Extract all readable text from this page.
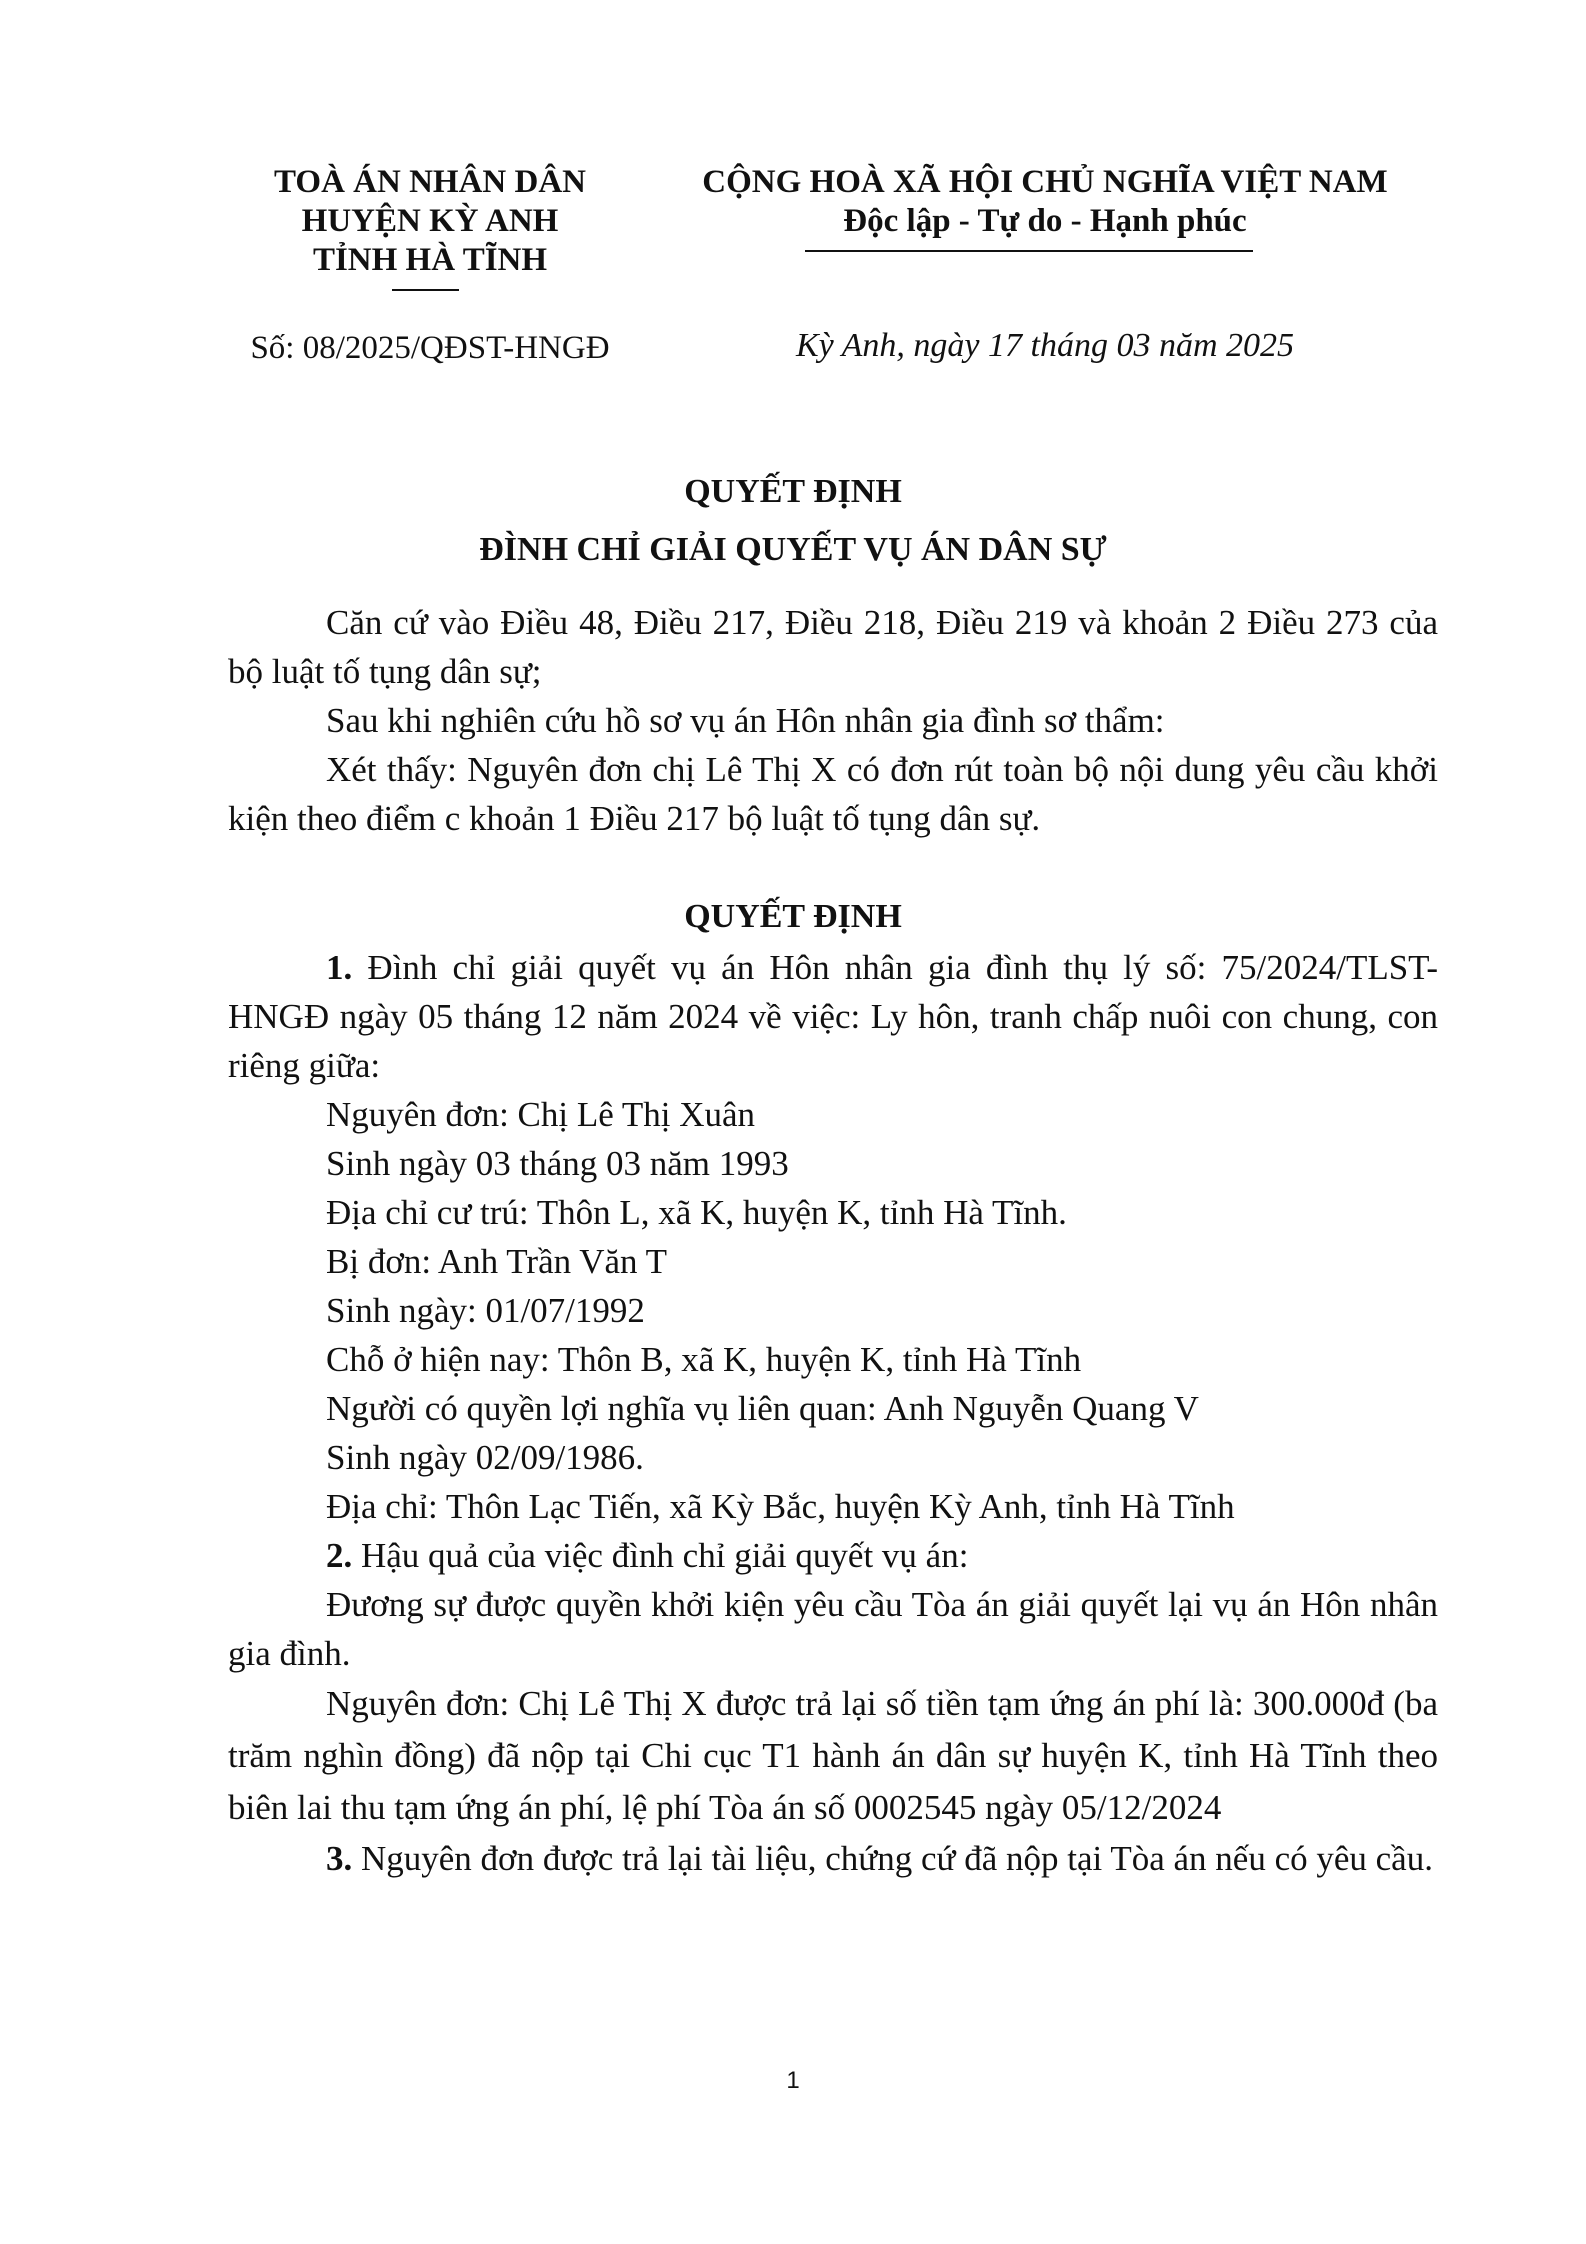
TOÀ ÁN NHÂN DÂN
HUYỆN KỲ ANH
TỈNH HÀ TĨNH
CỘNG HOÀ XÃ HỘI CHỦ NGHĨA VIỆT NAM
Độc lập - Tự do - Hạnh phúc
Số: 08/2025/QĐST-HNGĐ	Kỳ Anh, ngày 17 tháng 03 năm 2025
QUYẾT ĐỊNH
ĐÌNH CHỈ GIẢI QUYẾT VỤ ÁN DÂN SỰ

Căn cứ vào Điều 48, Điều 217, Điều 218, Điều 219 và khoản 2 Điều 273 của bộ luật tố tụng dân sự;

Sau khi nghiên cứu hồ sơ vụ án Hôn nhân gia đình sơ thẩm:

Xét thấy: Nguyên đơn chị Lê Thị X có đơn rút toàn bộ nội dung yêu cầu khởi kiện theo điểm c khoản 1 Điều 217 bộ luật tố tụng dân sự.

QUYẾT ĐỊNH

1. Đình chỉ giải quyết vụ án Hôn nhân gia đình thụ lý số: 75/2024/TLST-HNGĐ ngày 05 tháng 12 năm 2024 về việc: Ly hôn, tranh chấp nuôi con chung, con riêng giữa:

Nguyên đơn: Chị Lê Thị Xuân

Sinh ngày 03 tháng 03 năm 1993

Địa chỉ cư trú: Thôn L, xã K, huyện K, tỉnh Hà Tĩnh.

Bị đơn: Anh Trần Văn T

Sinh ngày: 01/07/1992

Chỗ ở hiện nay: Thôn B, xã K, huyện K, tỉnh Hà Tĩnh

Người có quyền lợi nghĩa vụ liên quan: Anh Nguyễn Quang V

Sinh ngày 02/09/1986.

Địa chỉ: Thôn Lạc Tiến, xã Kỳ Bắc, huyện Kỳ Anh, tỉnh Hà Tĩnh

2. Hậu quả của việc đình chỉ giải quyết vụ án:

Đương sự được quyền khởi kiện yêu cầu Tòa án giải quyết lại vụ án Hôn nhân gia đình.

Nguyên đơn: Chị Lê Thị X được trả lại số tiền tạm ứng án phí là: 300.000đ (ba trăm nghìn đồng) đã nộp tại Chi cục T1 hành án dân sự huyện K, tỉnh Hà Tĩnh theo biên lai thu tạm ứng án phí, lệ phí Tòa án số 0002545 ngày 05/12/2024

3. Nguyên đơn được trả lại tài liệu, chứng cứ đã nộp tại Tòa án nếu có yêu cầu.

1
